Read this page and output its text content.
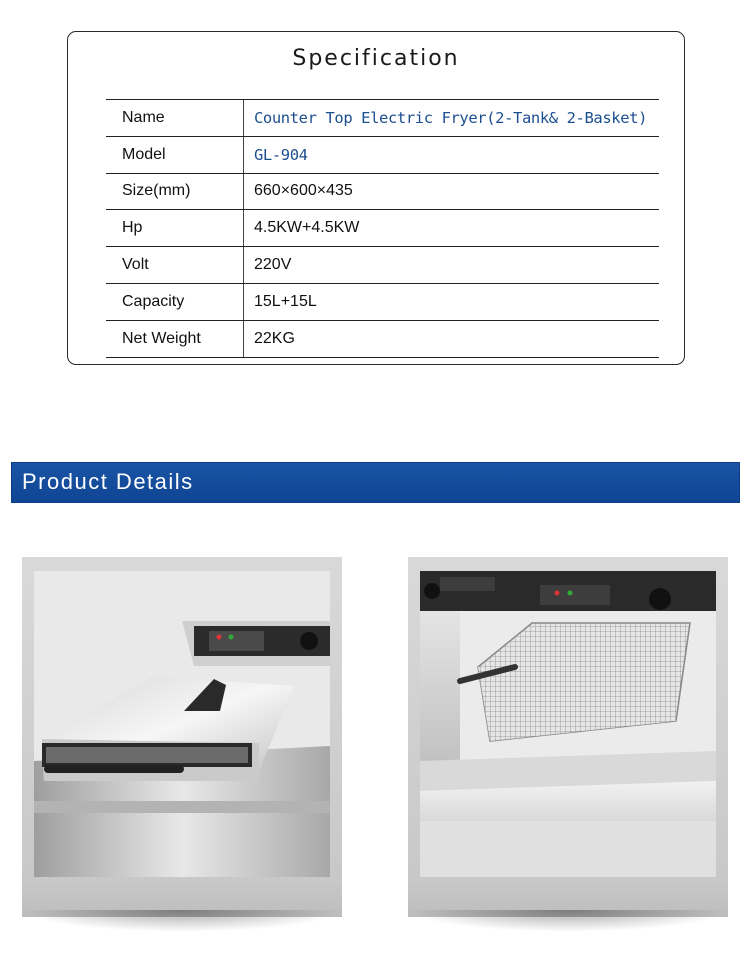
Specification
Name	Counter Top Electric Fryer(2-Tank& 2-Basket)
Model	GL-904
Size(mm)	660×600×435
Hp	4.5KW+4.5KW
Volt	220V
Capacity	15L+15L
Net Weight	22KG
Product Details
